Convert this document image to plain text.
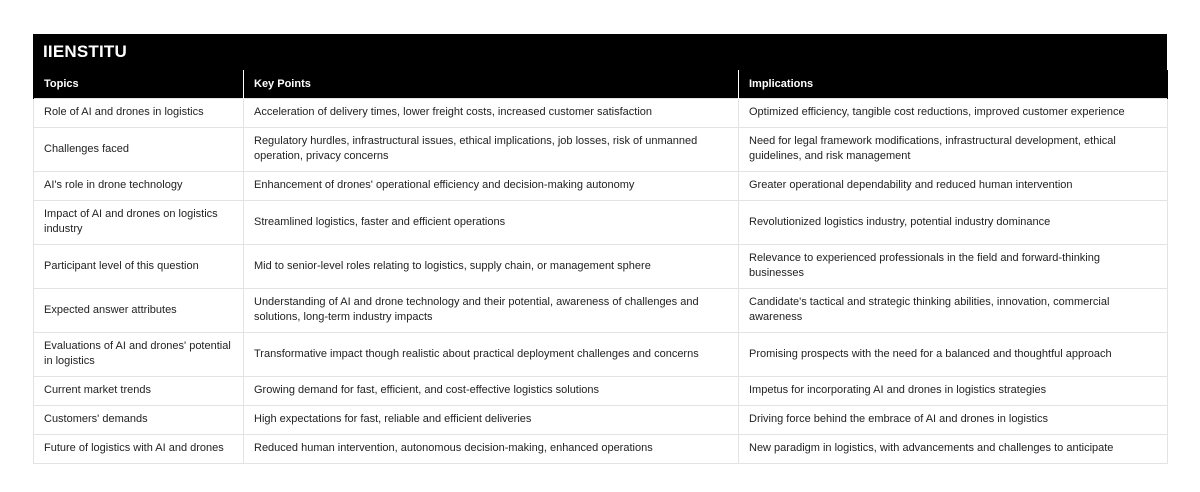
IIENSTITU
Topics	Key Points	Implications
Role of AI and drones in logistics	Acceleration of delivery times, lower freight costs, increased customer satisfaction	Optimized efficiency, tangible cost reductions, improved customer experience
Challenges faced	Regulatory hurdles, infrastructural issues, ethical implications, job losses, risk of unmanned operation, privacy concerns	Need for legal framework modifications, infrastructural development, ethical guidelines, and risk management
AI's role in drone technology	Enhancement of drones' operational efficiency and decision-making autonomy	Greater operational dependability and reduced human intervention
Impact of AI and drones on logistics industry	Streamlined logistics, faster and efficient operations	Revolutionized logistics industry, potential industry dominance
Participant level of this question	Mid to senior-level roles relating to logistics, supply chain, or management sphere	Relevance to experienced professionals in the field and forward-thinking businesses
Expected answer attributes	Understanding of AI and drone technology and their potential, awareness of challenges and solutions, long-term industry impacts	Candidate's tactical and strategic thinking abilities, innovation, commercial awareness
Evaluations of AI and drones' potential in logistics	Transformative impact though realistic about practical deployment challenges and concerns	Promising prospects with the need for a balanced and thoughtful approach
Current market trends	Growing demand for fast, efficient, and cost-effective logistics solutions	Impetus for incorporating AI and drones in logistics strategies
Customers' demands	High expectations for fast, reliable and efficient deliveries	Driving force behind the embrace of AI and drones in logistics
Future of logistics with AI and drones	Reduced human intervention, autonomous decision-making, enhanced operations	New paradigm in logistics, with advancements and challenges to anticipate
